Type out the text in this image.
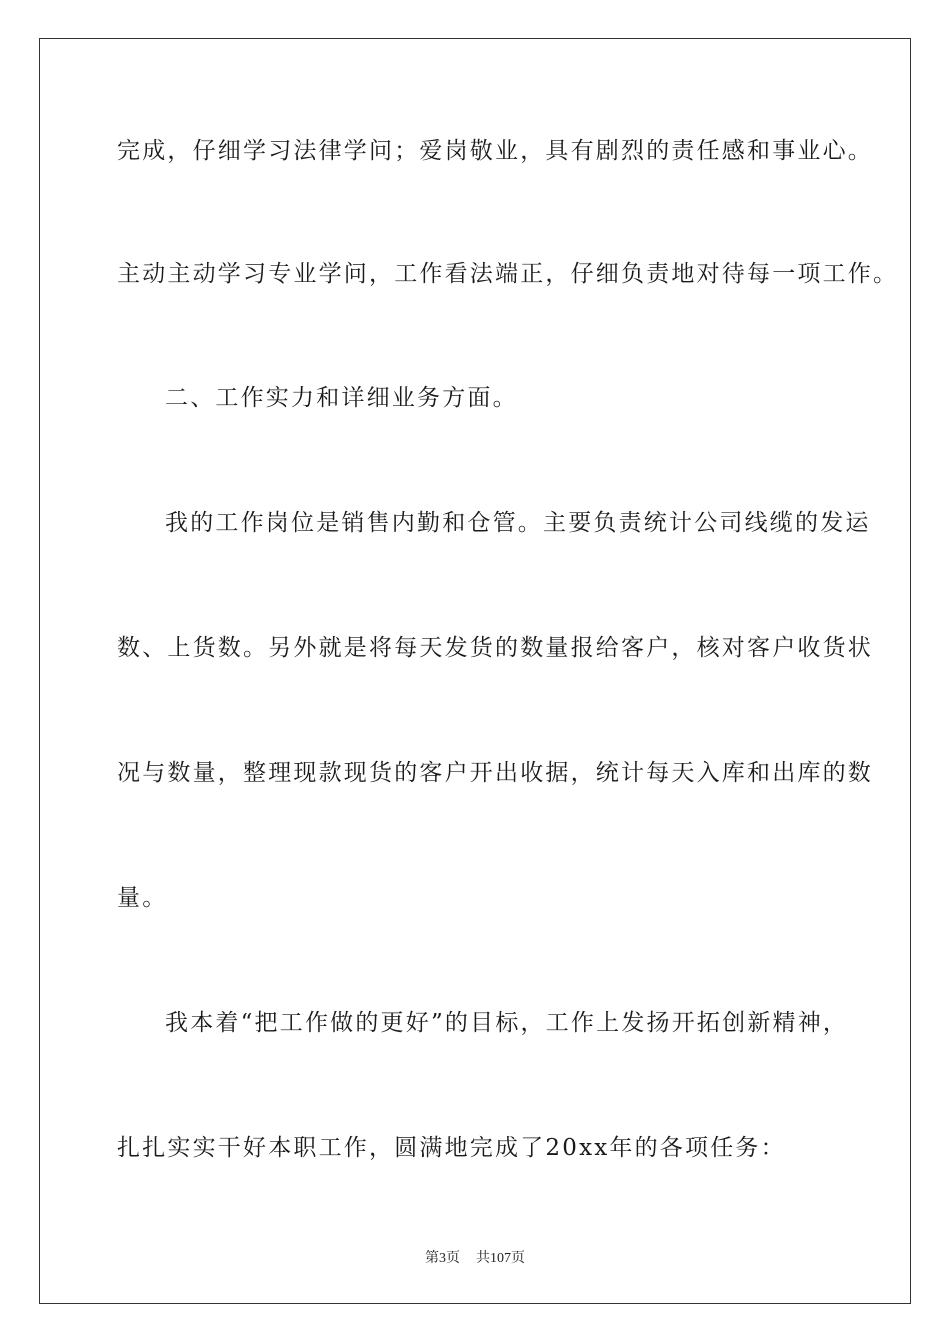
完成，仔细学习法律学问；爱岗敬业，具有剧烈的责任感和事业心。
主动主动学习专业学问，工作看法端正，仔细负责地对待每一项工作。
二、工作实力和详细业务方面。
我的工作岗位是销售内勤和仓管。主要负责统计公司线缆的发运
数、上货数。另外就是将每天发货的数量报给客户，核对客户收货状
况与数量，整理现款现货的客户开出收据，统计每天入库和出库的数
量。
我本着“把工作做的更好”的目标，工作上发扬开拓创新精神，
扎扎实实干好本职工作，圆满地完成了20xx年的各项任务：
第3页 共107页
